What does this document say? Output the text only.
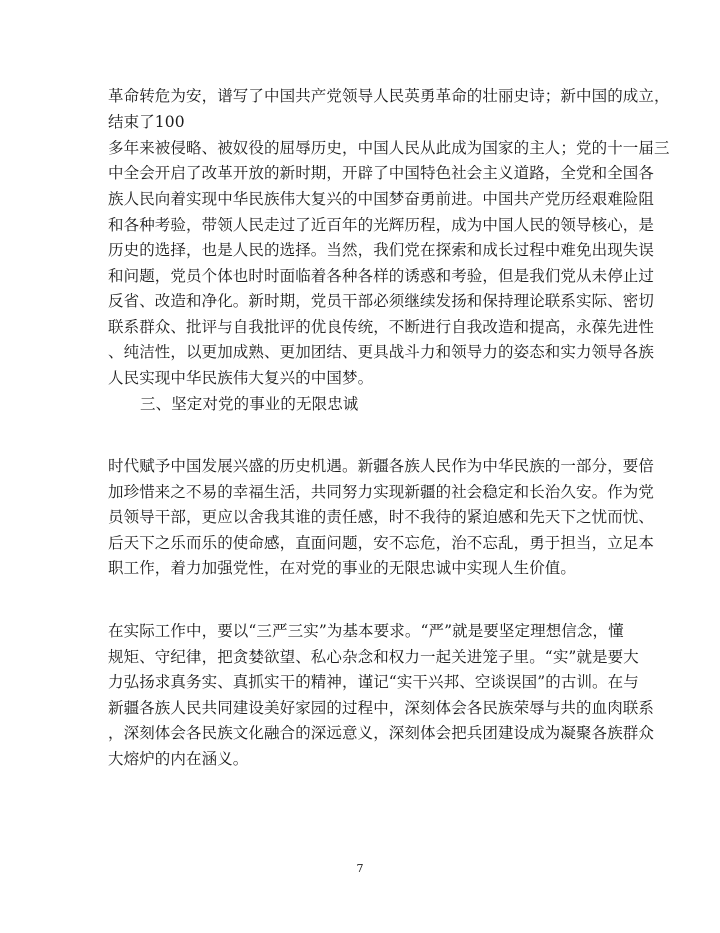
革命转危为安，谱写了中国共产党领导人民英勇革命的壮丽史诗；新中国的成立，
结束了100
多年来被侵略、被奴役的屈辱历史，中国人民从此成为国家的主人；党的十一届三
中全会开启了改革开放的新时期，开辟了中国特色社会主义道路，全党和全国各
族人民向着实现中华民族伟大复兴的中国梦奋勇前进。中国共产党历经艰难险阻
和各种考验，带领人民走过了近百年的光辉历程，成为中国人民的领导核心，是
历史的选择，也是人民的选择。当然，我们党在探索和成长过程中难免出现失误
和问题，党员个体也时时面临着各种各样的诱惑和考验，但是我们党从未停止过
反省、改造和净化。新时期，党员干部必须继续发扬和保持理论联系实际、密切
联系群众、批评与自我批评的优良传统，不断进行自我改造和提高，永葆先进性
、纯洁性，以更加成熟、更加团结、更具战斗力和领导力的姿态和实力领导各族
人民实现中华民族伟大复兴的中国梦。
三、坚定对党的事业的无限忠诚
时代赋予中国发展兴盛的历史机遇。新疆各族人民作为中华民族的一部分，要倍
加珍惜来之不易的幸福生活，共同努力实现新疆的社会稳定和长治久安。作为党
员领导干部，更应以舍我其谁的责任感，时不我待的紧迫感和先天下之忧而忧、
后天下之乐而乐的使命感，直面问题，安不忘危，治不忘乱，勇于担当，立足本
职工作，着力加强党性，在对党的事业的无限忠诚中实现人生价值。
在实际工作中，要以“三严三实”为基本要求。“严”就是要坚定理想信念，懂
规矩、守纪律，把贪婪欲望、私心杂念和权力一起关进笼子里。“实”就是要大
力弘扬求真务实、真抓实干的精神，谨记“实干兴邦、空谈误国”的古训。在与
新疆各族人民共同建设美好家园的过程中，深刻体会各民族荣辱与共的血肉联系
，深刻体会各民族文化融合的深远意义，深刻体会把兵团建设成为凝聚各族群众
大熔炉的内在涵义。
7
